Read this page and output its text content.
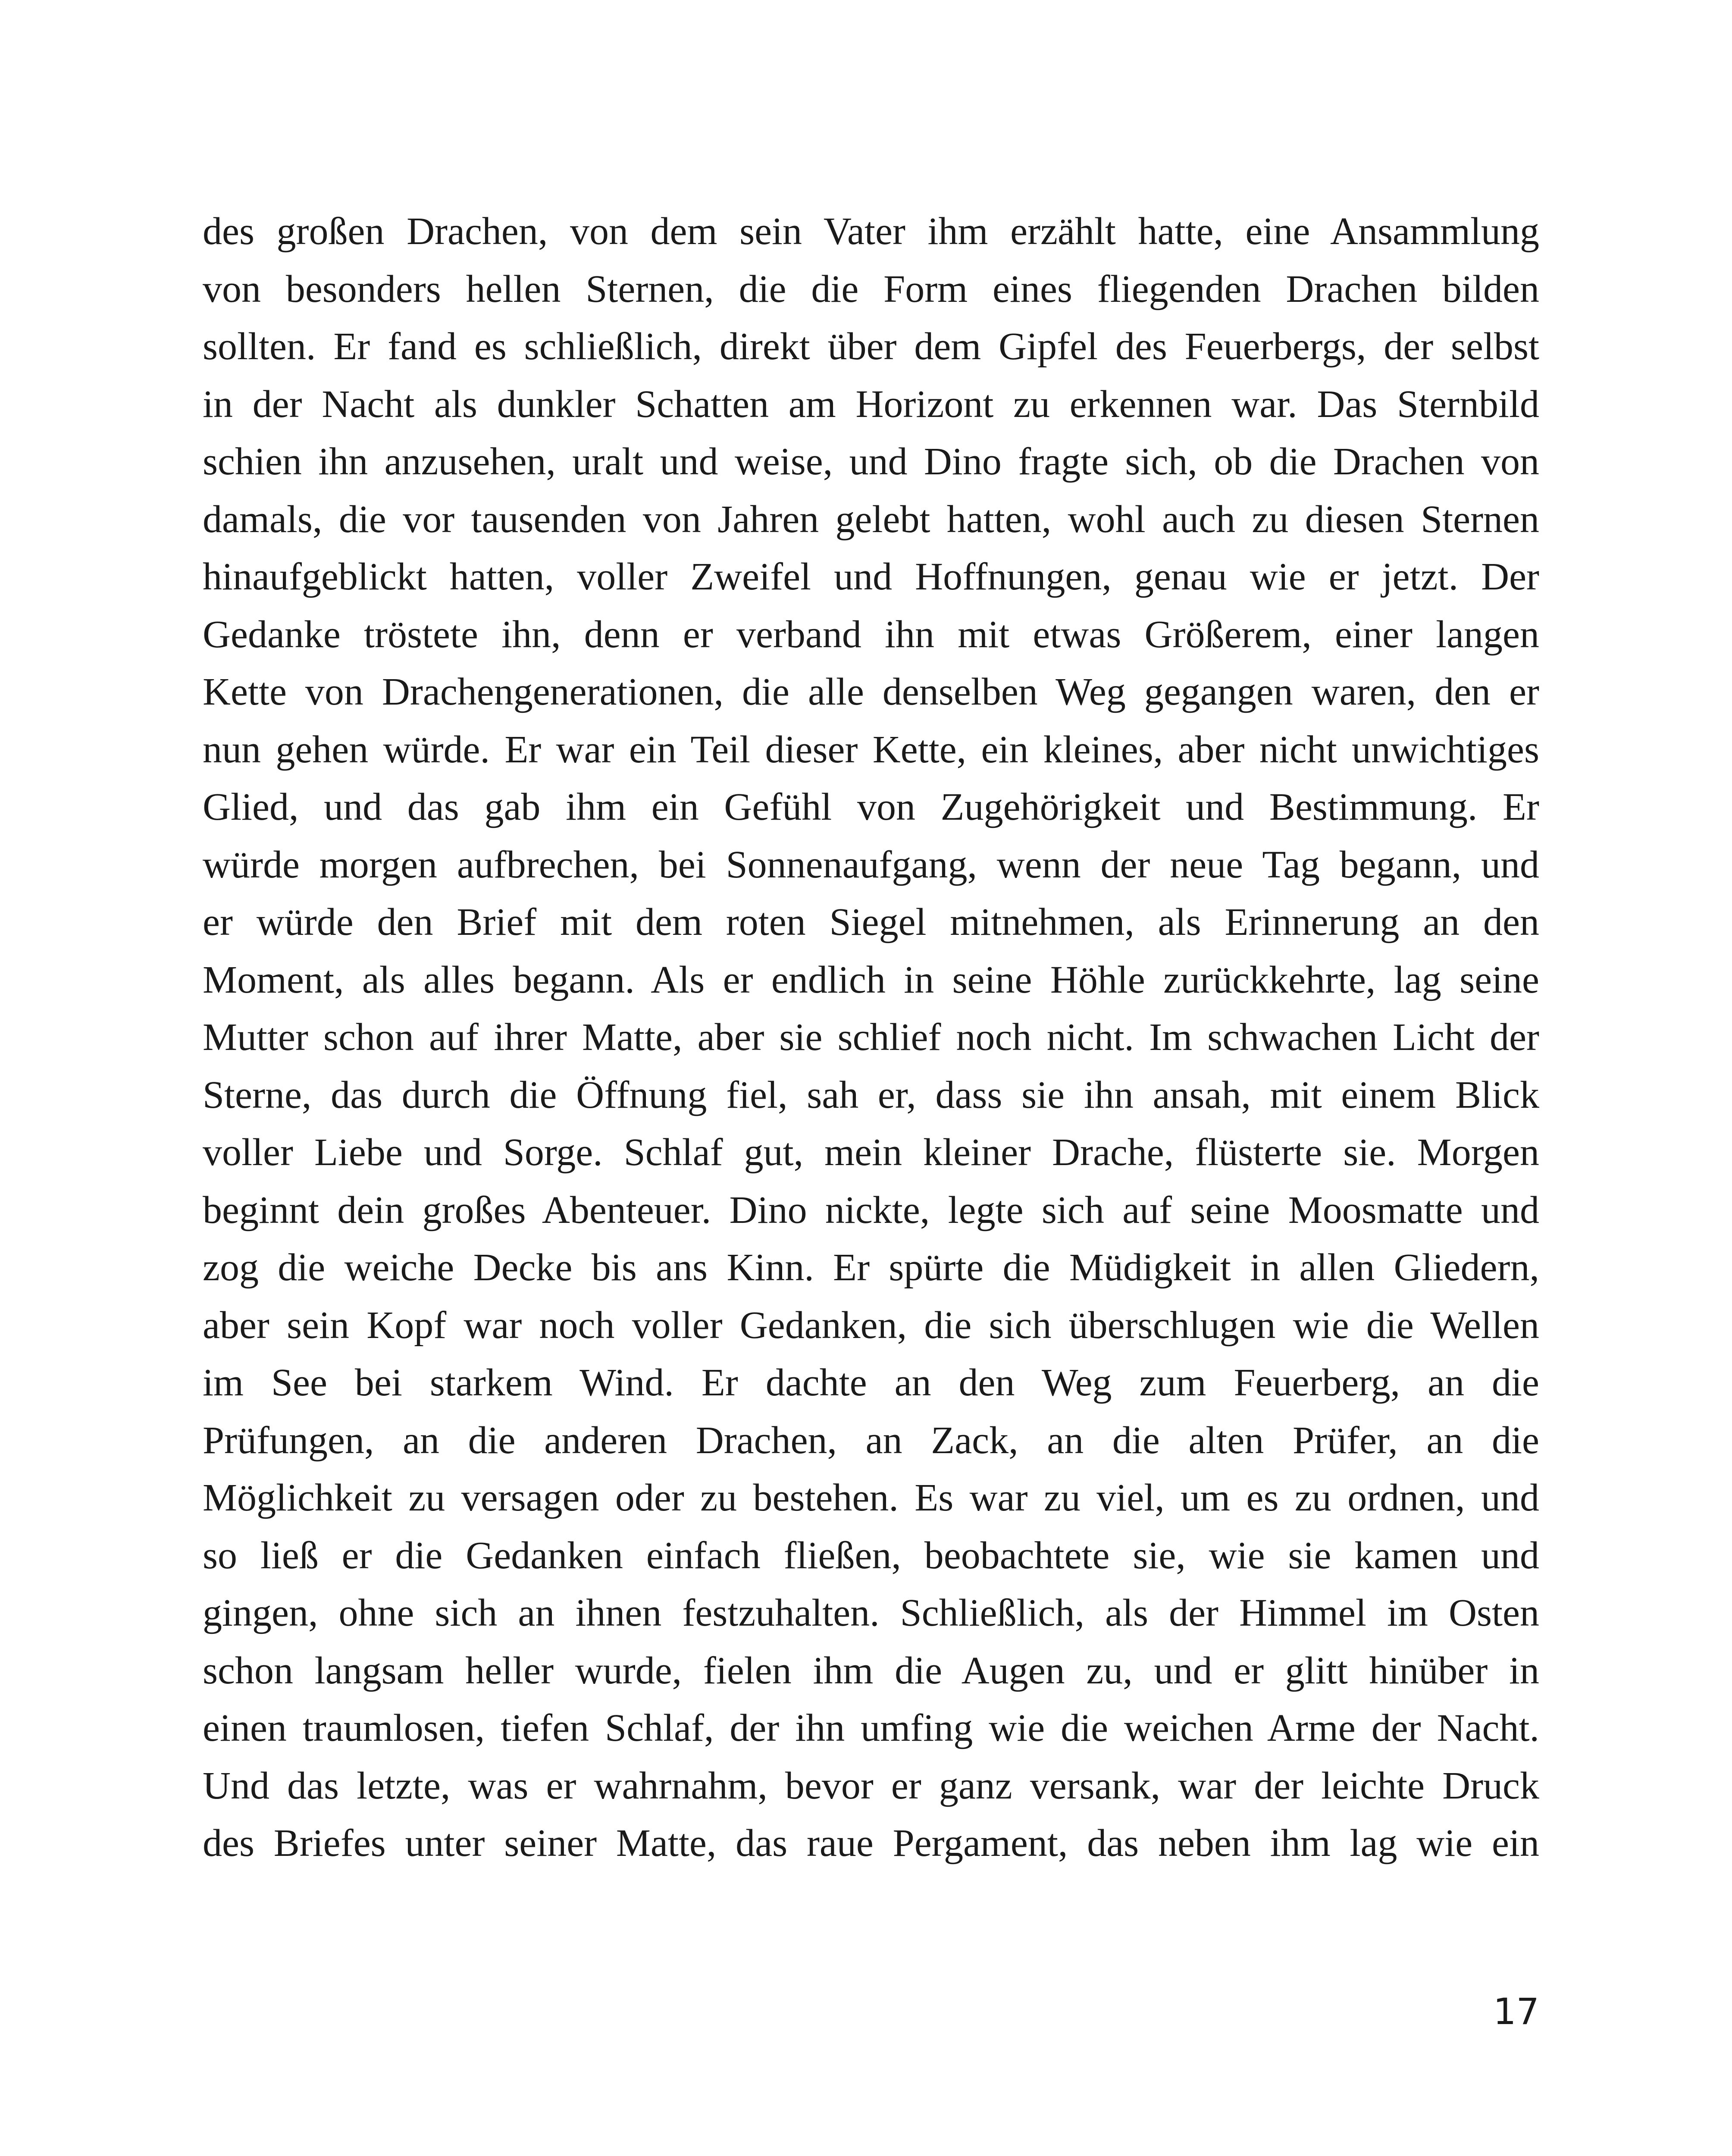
des großen Drachen, von dem sein Vater ihm erzählt hatte, eine Ansammlung
von besonders hellen Sternen, die die Form eines fliegenden Drachen bilden
sollten. Er fand es schließlich, direkt über dem Gipfel des Feuerbergs, der selbst
in der Nacht als dunkler Schatten am Horizont zu erkennen war. Das Sternbild
schien ihn anzusehen, uralt und weise, und Dino fragte sich, ob die Drachen von
damals, die vor tausenden von Jahren gelebt hatten, wohl auch zu diesen Sternen
hinaufgeblickt hatten, voller Zweifel und Hoffnungen, genau wie er jetzt. Der
Gedanke tröstete ihn, denn er verband ihn mit etwas Größerem, einer langen
Kette von Drachengenerationen, die alle denselben Weg gegangen waren, den er
nun gehen würde. Er war ein Teil dieser Kette, ein kleines, aber nicht unwichtiges
Glied, und das gab ihm ein Gefühl von Zugehörigkeit und Bestimmung. Er
würde morgen aufbrechen, bei Sonnenaufgang, wenn der neue Tag begann, und
er würde den Brief mit dem roten Siegel mitnehmen, als Erinnerung an den
Moment, als alles begann. Als er endlich in seine Höhle zurückkehrte, lag seine
Mutter schon auf ihrer Matte, aber sie schlief noch nicht. Im schwachen Licht der
Sterne, das durch die Öffnung fiel, sah er, dass sie ihn ansah, mit einem Blick
voller Liebe und Sorge. Schlaf gut, mein kleiner Drache, flüsterte sie. Morgen
beginnt dein großes Abenteuer. Dino nickte, legte sich auf seine Moosmatte und
zog die weiche Decke bis ans Kinn. Er spürte die Müdigkeit in allen Gliedern,
aber sein Kopf war noch voller Gedanken, die sich überschlugen wie die Wellen
im See bei starkem Wind. Er dachte an den Weg zum Feuerberg, an die
Prüfungen, an die anderen Drachen, an Zack, an die alten Prüfer, an die
Möglichkeit zu versagen oder zu bestehen. Es war zu viel, um es zu ordnen, und
so ließ er die Gedanken einfach fließen, beobachtete sie, wie sie kamen und
gingen, ohne sich an ihnen festzuhalten. Schließlich, als der Himmel im Osten
schon langsam heller wurde, fielen ihm die Augen zu, und er glitt hinüber in
einen traumlosen, tiefen Schlaf, der ihn umfing wie die weichen Arme der Nacht.
Und das letzte, was er wahrnahm, bevor er ganz versank, war der leichte Druck
des Briefes unter seiner Matte, das raue Pergament, das neben ihm lag wie ein
17
